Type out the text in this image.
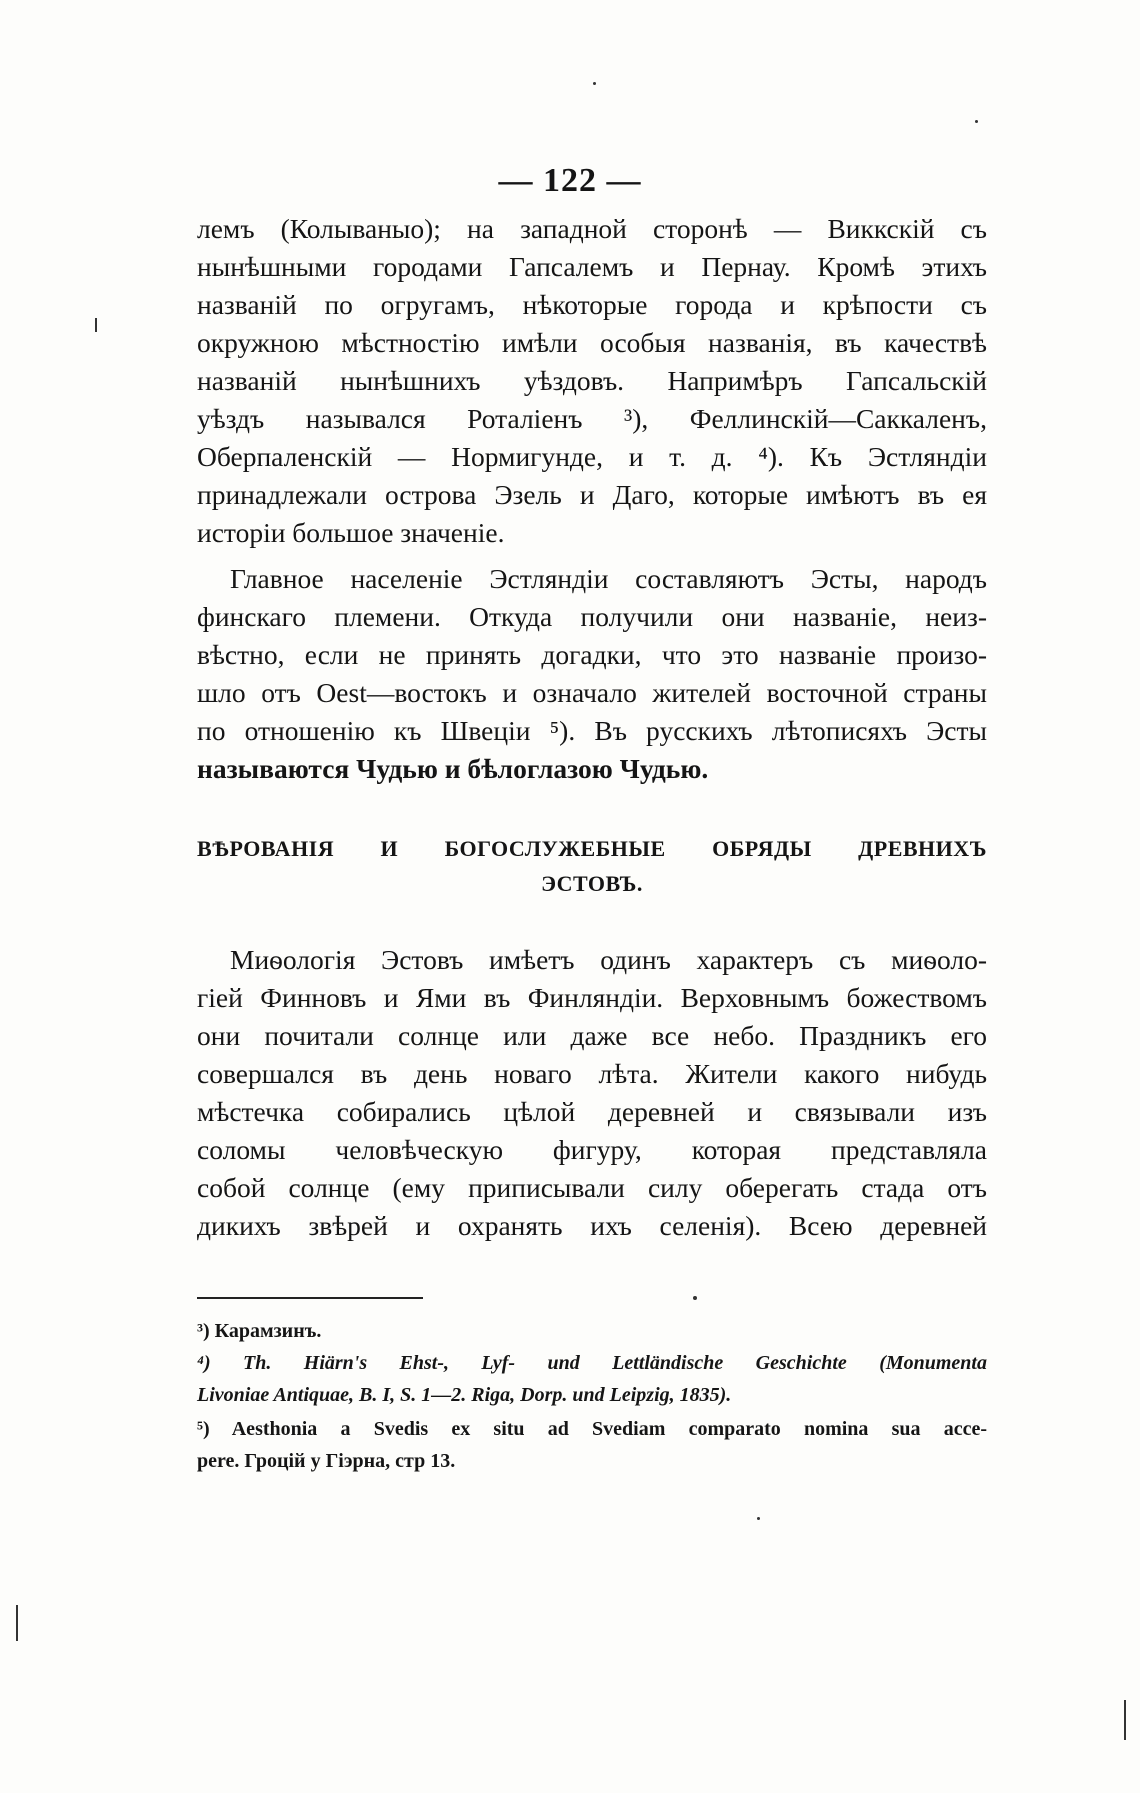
— 122 —
лемъ (Колываныо); на западной сторонѣ — Виккскій съ
нынѣшными городами Гапсалемъ и Пернау. Кромѣ этихъ
названій по огругамъ, нѣкоторые города и крѣпости съ
окружною мѣстностію имѣли особыя названія, въ качествѣ
названій нынѣшнихъ уѣздовъ. Напримѣръ Гапсальскій
уѣздъ назывался Роталіенъ ³), Феллинскій—Саккаленъ,
Оберпаленскій — Нормигунде, и т. д. ⁴). Къ Эстляндіи
принадлежали острова Эзель и Даго, которые имѣютъ въ ея
исторіи большое значеніе.
Главное населеніе Эстляндіи составляютъ Эсты, народъ
финскаго племени. Откуда получили они названіе, неиз-
вѣстно, если не принять догадки, что это названіе произо-
шло отъ Oest—востокъ и означало жителей восточной страны
по отношенію къ Швеціи ⁵). Въ русскихъ лѣтописяхъ Эсты
называются Чудью и бѣлоглазою Чудью.
ВѢРОВАНІЯ И БОГОСЛУЖЕБНЫЕ ОБРЯДЫ ДРЕВНИХЪ
ЭСТОВЪ.
Миѳологія Эстовъ имѣетъ одинъ характеръ съ миѳоло-
гіей Финновъ и Ями въ Финляндіи. Верховнымъ божествомъ
они почитали солнце или даже все небо. Праздникъ его
совершался въ день новаго лѣта. Жители какого нибудь
мѣстечка собирались цѣлой деревней и связывали изъ
соломы человѣческую фигуру, которая представляла
собой солнце (ему приписывали силу оберегать стада отъ
дикихъ звѣрей и охранять ихъ селенія). Всею деревней
³) Карамзинъ.
⁴) Th. Hiärn's Ehst-, Lyf- und Lettländische Geschichte (Monumenta
Livoniae Antiquae, B. I, S. 1—2. Riga, Dorp. und Leipzig, 1835).
⁵) Aesthonia a Svedis ex situ ad Svediam comparato nomina sua acce-
pere. Гроцій у Гіэрна, стр 13.
